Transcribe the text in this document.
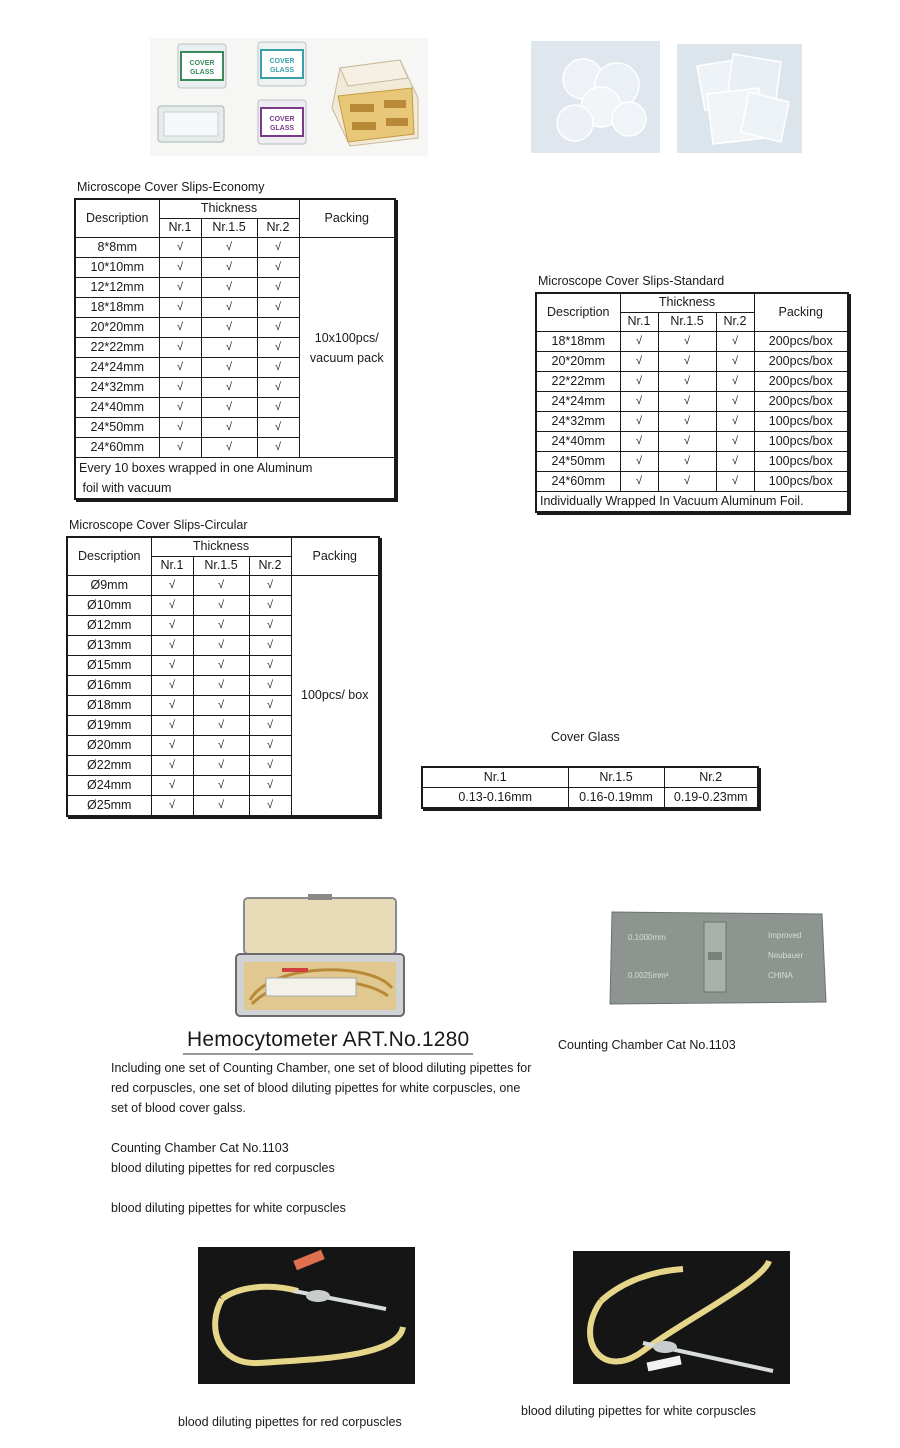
COVER
GLASS
COVER
GLASS
COVER
GLASS
Microscope Cover Slips-Economy
Description	Thickness			Packing
	Nr.1	Nr.1.5	Nr.2	
8*8mm	√	√	√	10x100pcs/
vacuum pack

10*10mm	√	√	√	
12*12mm	√	√	√	
18*18mm	√	√	√	
20*20mm	√	√	√	
22*22mm	√	√	√	
24*24mm	√	√	√	
24*32mm	√	√	√	
24*40mm	√	√	√	
24*50mm	√	√	√	
24*60mm	√	√	√	

Every 10 boxes wrapped in one Aluminum
foil with vacuum				
Microscope Cover Slips-Standard
Description	Thickness			Packing
	Nr.1	Nr.1.5	Nr.2	
18*18mm	√	√	√	200pcs/box
20*20mm	√	√	√	200pcs/box
22*22mm	√	√	√	200pcs/box
24*24mm	√	√	√	200pcs/box
24*32mm	√	√	√	100pcs/box
24*40mm	√	√	√	100pcs/box
24*50mm	√	√	√	100pcs/box
24*60mm	√	√	√	100pcs/box
Individually Wrapped In Vacuum Aluminum Foil.				
Microscope Cover Slips-Circular
Description	Thickness			Packing
	Nr.1	Nr.1.5	Nr.2	
Ø9mm	√	√	√	100pcs/ box
Ø10mm	√	√	√	
Ø12mm	√	√	√	
Ø13mm	√	√	√	
Ø15mm	√	√	√	
Ø16mm	√	√	√	
Ø18mm	√	√	√	
Ø19mm	√	√	√	
Ø20mm	√	√	√	
Ø22mm	√	√	√	
Ø24mm	√	√	√	
Ø25mm	√	√	√	
Cover Glass
Nr.1	Nr.1.5	Nr.2
0.13-0.16mm	0.16-0.19mm	0.19-0.23mm
0.1000mm
0.0025mm²
Improved
Neubauer
CHINA
Hemocytometer ART.No.1280	Counting Chamber Cat No.1103
Including one set of Counting Chamber, one set of blood diluting pipettes for
red corpuscles, one set of blood diluting pipettes for white corpuscles, one
set of blood cover galss.
Counting Chamber Cat No.1103
blood diluting pipettes for red corpuscles
blood diluting pipettes for white corpuscles
blood diluting pipettes for red corpuscles
blood diluting pipettes for white corpuscles
